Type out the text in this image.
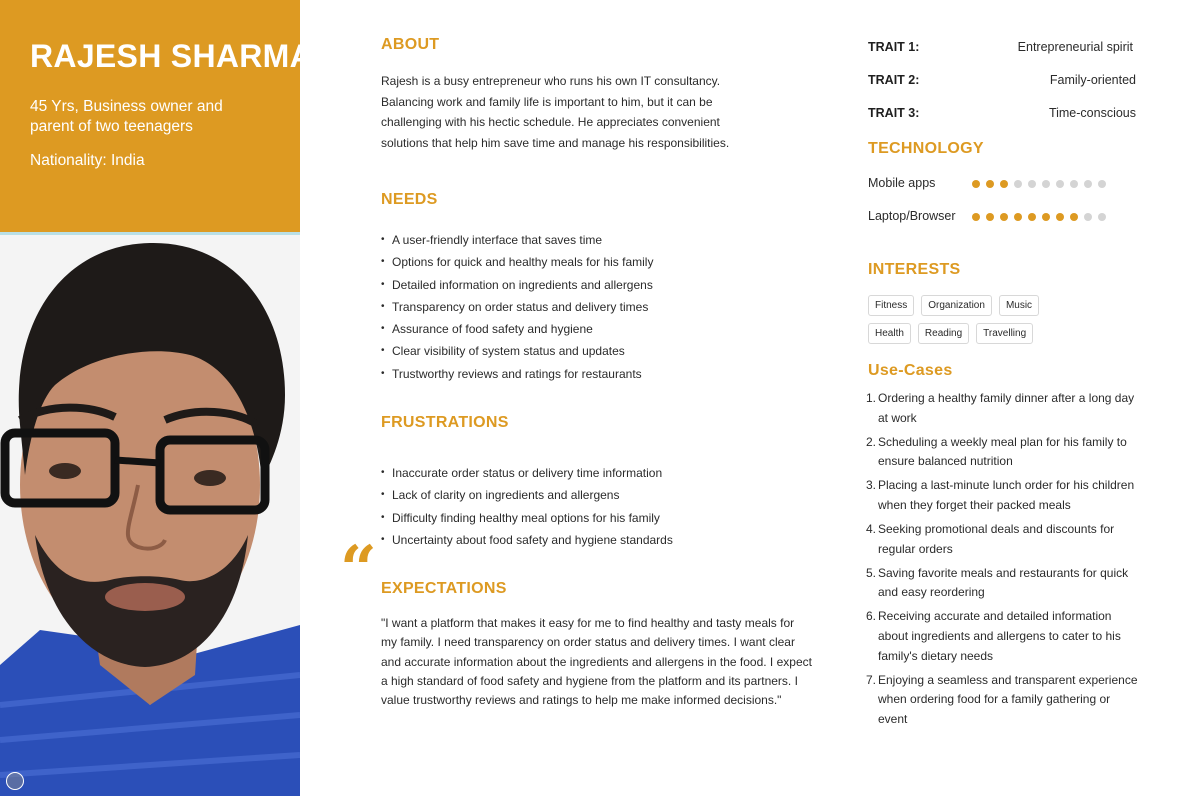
RAJESH SHARMA
45 Yrs, Business owner and parent of two teenagers
Nationality: India
ABOUT
Rajesh is a busy entrepreneur who runs his own IT consultancy. Balancing work and family life is important to him, but it can be challenging with his hectic schedule. He appreciates convenient solutions that help him save time and manage his responsibilities.
NEEDS
• A user-friendly interface that saves time
• Options for quick and healthy meals for his family
• Detailed information on ingredients and allergens
• Transparency on order status and delivery times
• Assurance of food safety and hygiene
• Clear visibility of system status and updates
• Trustworthy reviews and ratings for restaurants
FRUSTRATIONS
• Inaccurate order status or delivery time information
• Lack of clarity on ingredients and allergens
• Difficulty finding healthy meal options for his family
• Uncertainty about food safety and hygiene standards
EXPECTATIONS
"I want a platform that makes it easy for me to find healthy and tasty meals for my family. I need transparency on order status and delivery times. I want clear and accurate information about the ingredients and allergens in the food. I expect a high standard of food safety and hygiene from the platform and its partners. I value trustworthy reviews and ratings to help me make informed decisions."
“
TRAIT 1:	Entrepreneurial spirit
TRAIT 2:	Family-oriented
TRAIT 3:	Time-conscious
TECHNOLOGY
Mobile apps
Laptop/Browser
INTERESTS
Fitness	Organization	Music
Health	Reading	Travelling
Use-Cases
1. Ordering a healthy family dinner after a long day at work
2. Scheduling a weekly meal plan for his family to ensure balanced nutrition
3. Placing a last-minute lunch order for his children when they forget their packed meals
4. Seeking promotional deals and discounts for regular orders
5. Saving favorite meals and restaurants for quick and easy reordering
6. Receiving accurate and detailed information about ingredients and allergens to cater to his family's dietary needs
7. Enjoying a seamless and transparent experience when ordering food for a family gathering or event
